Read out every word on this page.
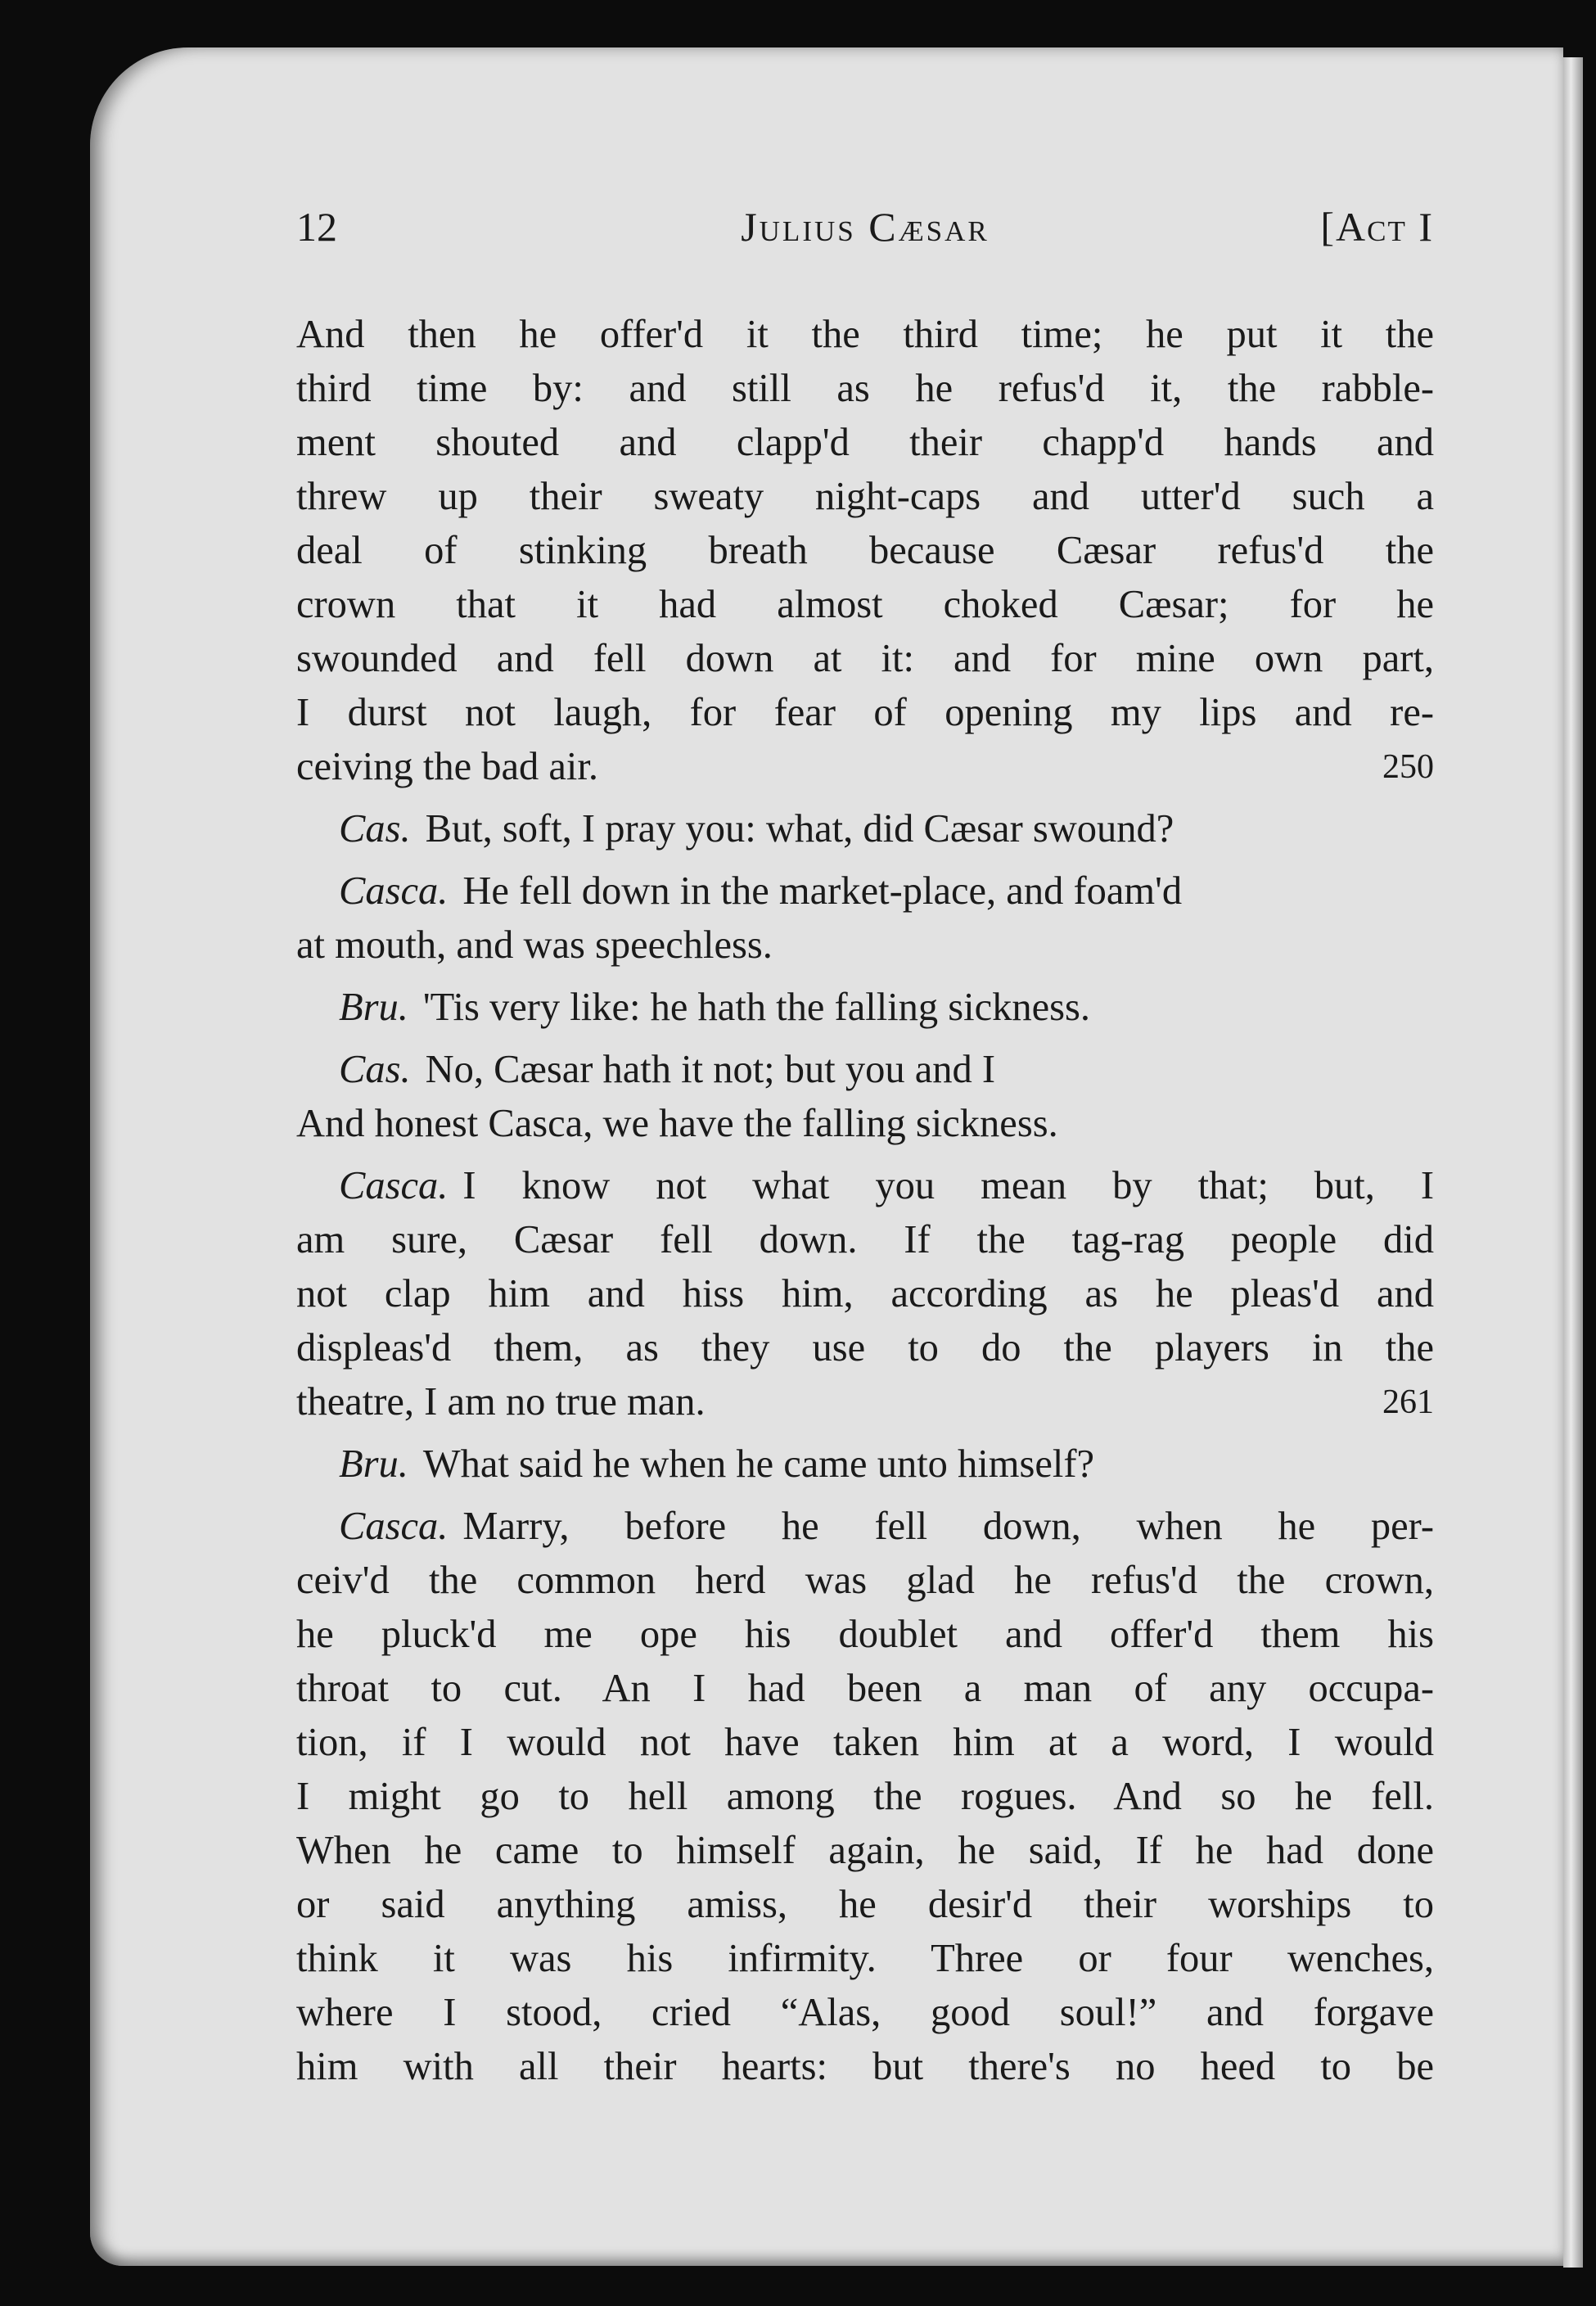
12	Julius Cæsar	[Act I
And then he offer'd it the third time; he put it the
third time by: and still as he refus'd it, the rabble-
ment shouted and clapp'd their chapp'd hands and
threw up their sweaty night-caps and utter'd such a
deal of stinking breath because Cæsar refus'd the
crown that it had almost choked Cæsar; for he
swounded and fell down at it: and for mine own part,
I durst not laugh, for fear of opening my lips and re-
250
ceiving the bad air.
Cas. But, soft, I pray you: what, did Cæsar swound?
Casca. He fell down in the market-place, and foam'd
at mouth, and was speechless.
Bru. 'Tis very like: he hath the falling sickness.
Cas. No, Cæsar hath it not; but you and I
And honest Casca, we have the falling sickness.
Casca. I know not what you mean by that; but, I
am sure, Cæsar fell down. If the tag-rag people did
not clap him and hiss him, according as he pleas'd and
displeas'd them, as they use to do the players in the
261
theatre, I am no true man.
Bru. What said he when he came unto himself?
Casca. Marry, before he fell down, when he per-
ceiv'd the common herd was glad he refus'd the crown,
he pluck'd me ope his doublet and offer'd them his
throat to cut. An I had been a man of any occupa-
tion, if I would not have taken him at a word, I would
I might go to hell among the rogues. And so he fell.
When he came to himself again, he said, If he had done
or said anything amiss, he desir'd their worships to
think it was his infirmity. Three or four wenches,
where I stood, cried “Alas, good soul!” and forgave
him with all their hearts: but there's no heed to be
